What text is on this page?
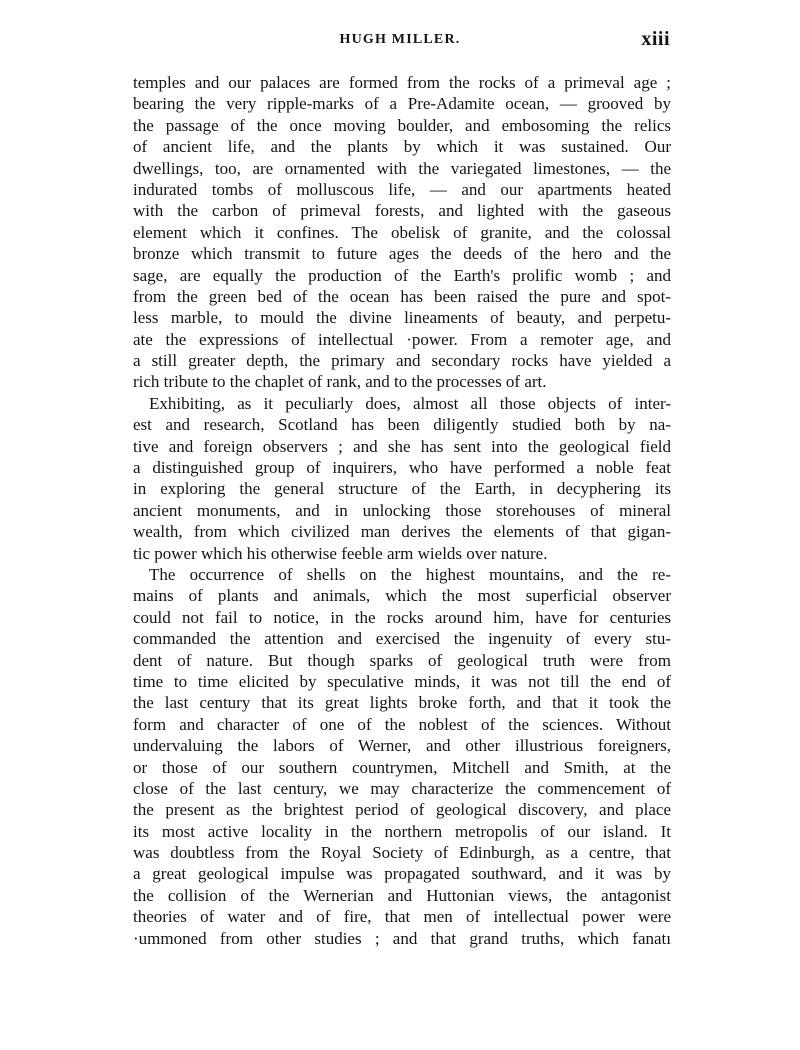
HUGH MILLER.	xiii
temples and our palaces are formed from the rocks of a primeval age ;
bearing the very ripple-marks of a Pre-Adamite ocean, — grooved by
the passage of the once moving boulder, and embosoming the relics
of ancient life, and the plants by which it was sustained. Our
dwellings, too, are ornamented with the variegated limestones, — the
indurated tombs of molluscous life, — and our apartments heated
with the carbon of primeval forests, and lighted with the gaseous
element which it confines. The obelisk of granite, and the colossal
bronze which transmit to future ages the deeds of the hero and the
sage, are equally the production of the Earth's prolific womb ; and
from the green bed of the ocean has been raised the pure and spot-
less marble, to mould the divine lineaments of beauty, and perpetu-
ate the expressions of intellectual ·power. From a remoter age, and
a still greater depth, the primary and secondary rocks have yielded a
rich tribute to the chaplet of rank, and to the processes of art.
Exhibiting, as it peculiarly does, almost all those objects of inter-
est and research, Scotland has been diligently studied both by na-
tive and foreign observers ; and she has sent into the geological field
a distinguished group of inquirers, who have performed a noble feat
in exploring the general structure of the Earth, in decyphering its
ancient monuments, and in unlocking those storehouses of mineral
wealth, from which civilized man derives the elements of that gigan-
tic power which his otherwise feeble arm wields over nature.
The occurrence of shells on the highest mountains, and the re-
mains of plants and animals, which the most superficial observer
could not fail to notice, in the rocks around him, have for centuries
commanded the attention and exercised the ingenuity of every stu-
dent of nature. But though sparks of geological truth were from
time to time elicited by speculative minds, it was not till the end of
the last century that its great lights broke forth, and that it took the
form and character of one of the noblest of the sciences. Without
undervaluing the labors of Werner, and other illustrious foreigners,
or those of our southern countrymen, Mitchell and Smith, at the
close of the last century, we may characterize the commencement of
the present as the brightest period of geological discovery, and place
its most active locality in the northern metropolis of our island. It
was doubtless from the Royal Society of Edinburgh, as a centre, that
a great geological impulse was propagated southward, and it was by
the collision of the Wernerian and Huttonian views, the antagonist
theories of water and of fire, that men of intellectual power were
·ummoned from other studies ; and that grand truths, which fanatı
